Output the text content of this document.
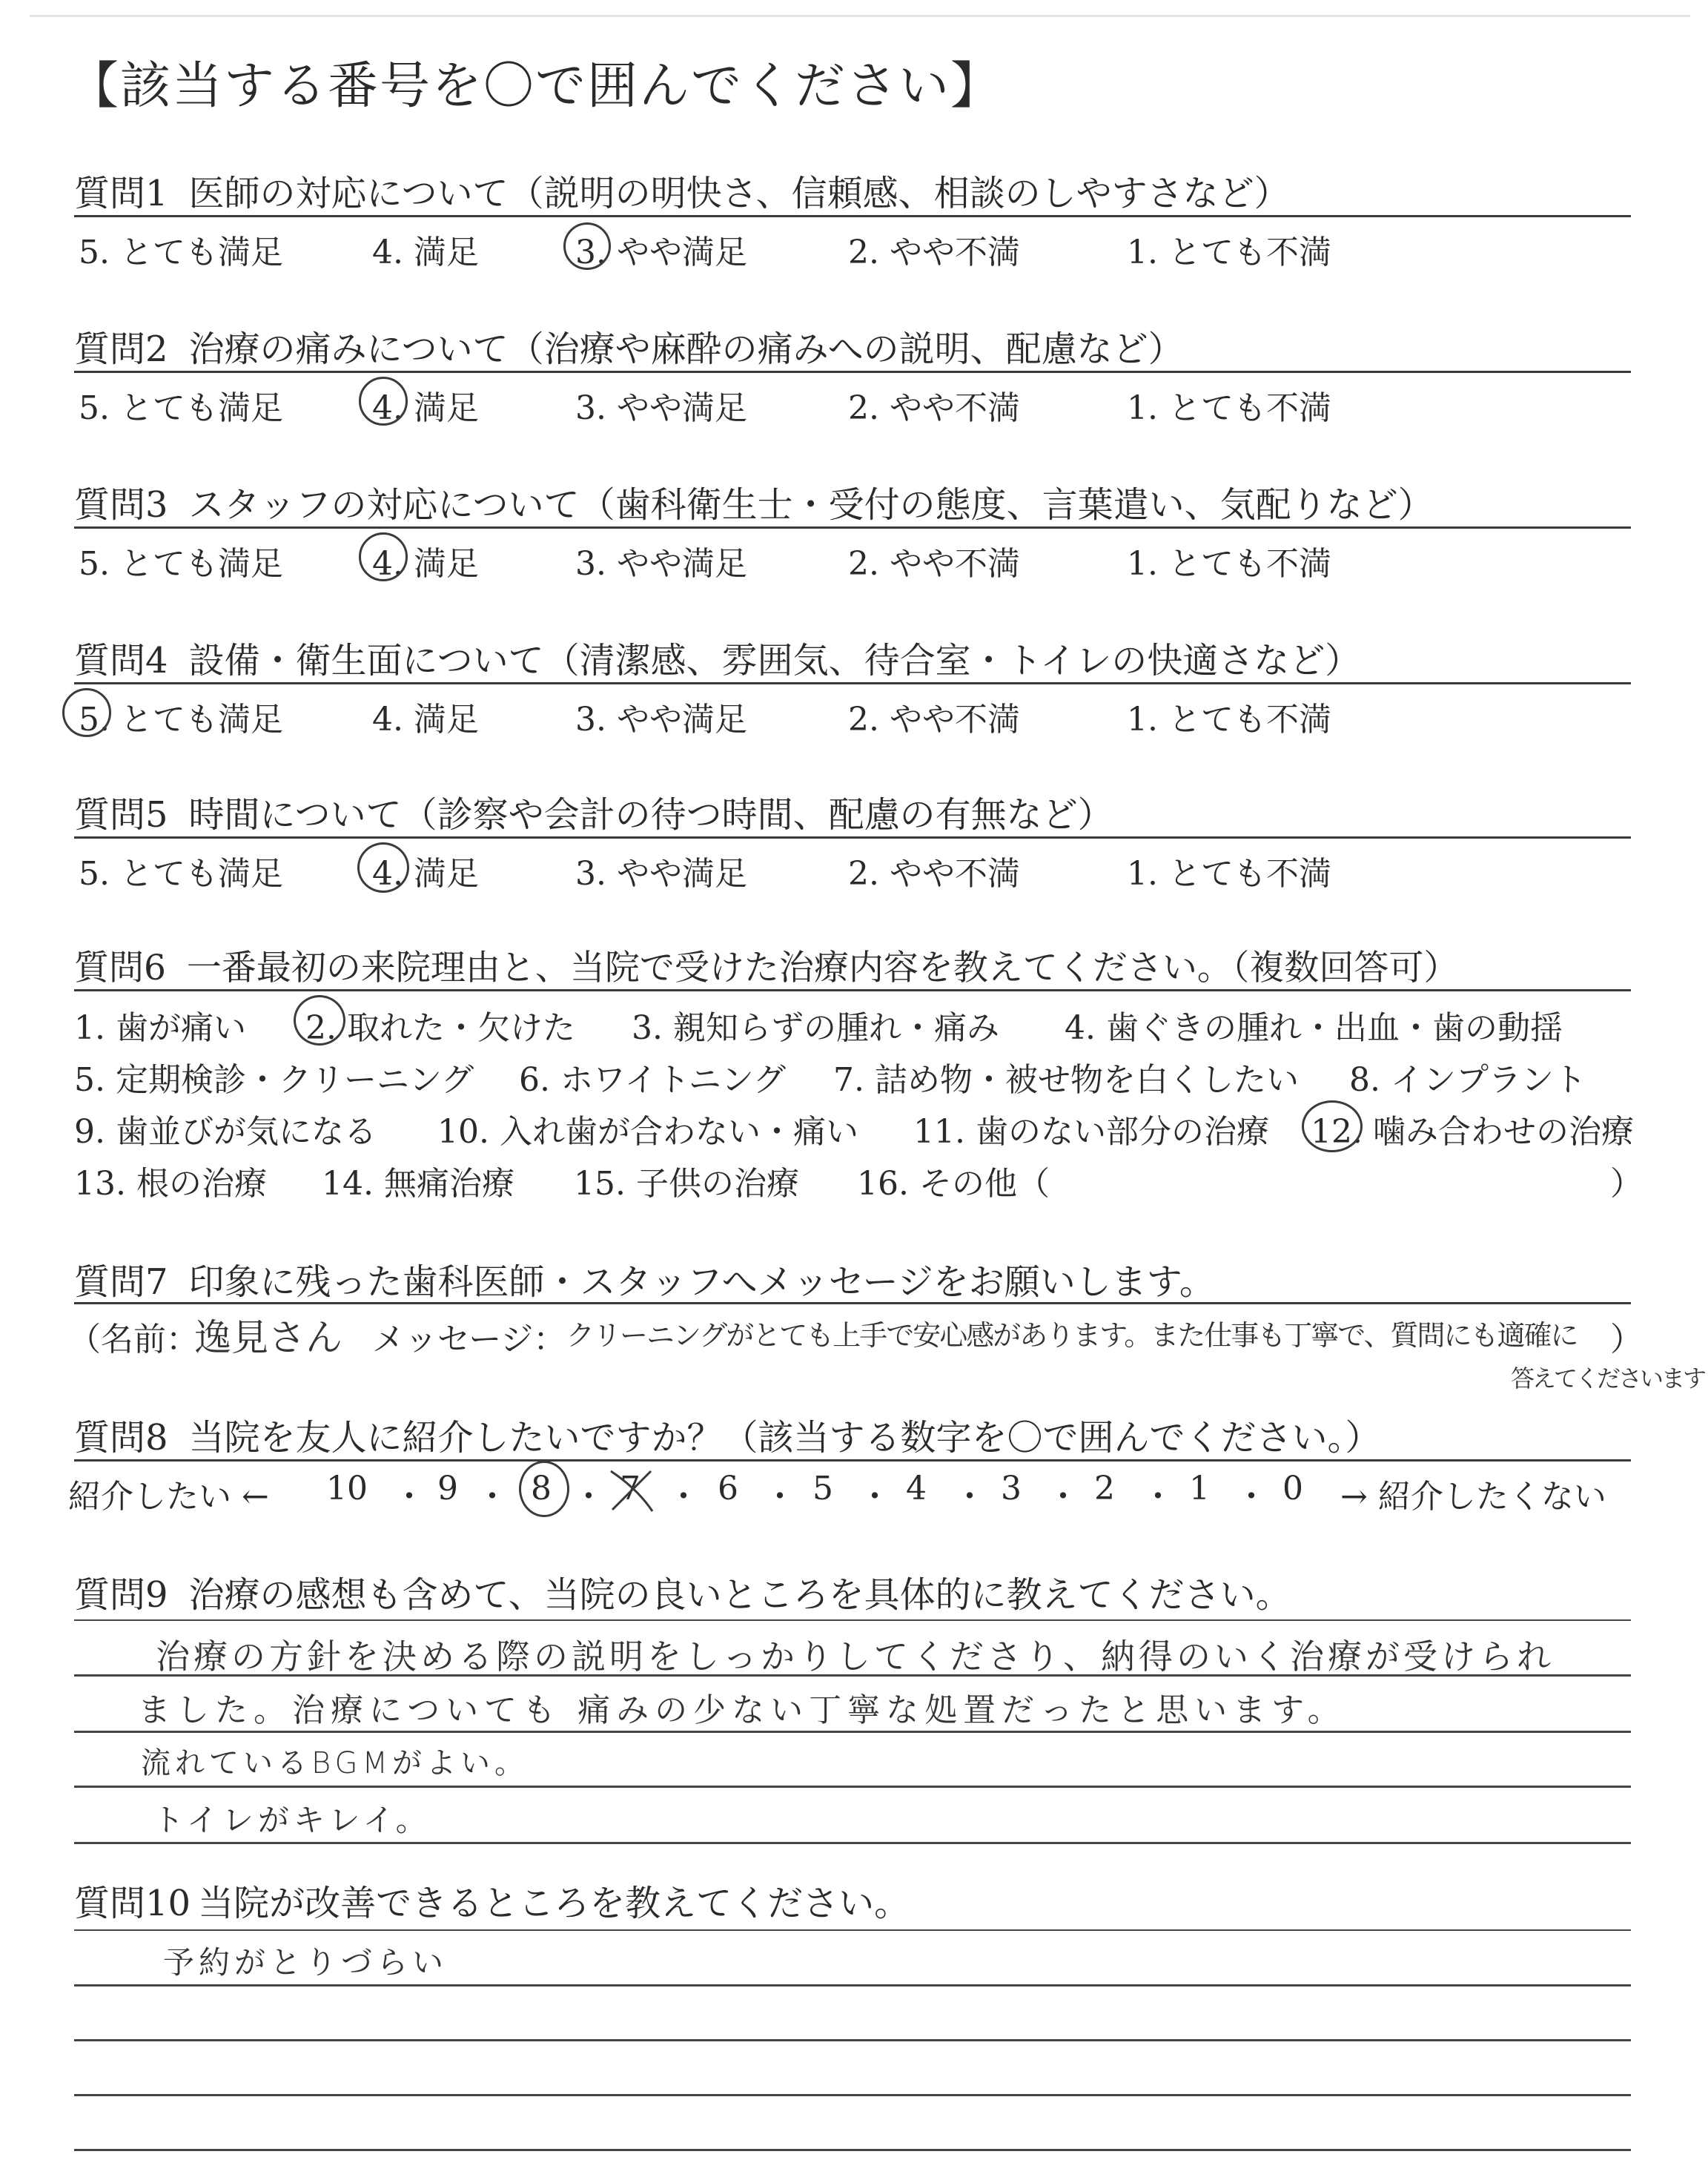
【該当する番号を〇で囲んでください】
質問1 医師の対応について（説明の明快さ、信頼感、相談のしやすさなど）
5. とても満足	4. 満足	3. やや満足	2. やや不満	1. とても不満
質問2 治療の痛みについて（治療や麻酔の痛みへの説明、配慮など）
5. とても満足	4. 満足	3. やや満足	2. やや不満	1. とても不満
質問3 スタッフの対応について（歯科衛生士・受付の態度、言葉遣い、気配りなど）
5. とても満足	4. 満足	3. やや満足	2. やや不満	1. とても不満
質問4 設備・衛生面について（清潔感、雰囲気、待合室・トイレの快適さなど）
5. とても満足	4. 満足	3. やや満足	2. やや不満	1. とても不満
質問5 時間について（診察や会計の待つ時間、配慮の有無など）
5. とても満足	4. 満足	3. やや満足	2. やや不満	1. とても不満
質問6 一番最初の来院理由と、当院で受けた治療内容を教えてください。（複数回答可）
1. 歯が痛い 2. 取れた・欠けた 3. 親知らずの腫れ・痛み 4. 歯ぐきの腫れ・出血・歯の動揺
5. 定期検診・クリーニング 6. ホワイトニング 7. 詰め物・被せ物を白くしたい 8. インプラント
9. 歯並びが気になる 10. 入れ歯が合わない・痛い 11. 歯のない部分の治療 12. 噛み合わせの治療
13. 根の治療 14. 無痛治療 15. 子供の治療 16. その他（	）
質問7 印象に残った歯科医師・スタッフへメッセージをお願いします。
（名前：
逸見さん メッセージ： クリーニングがとても上手で安心感があります。また仕事も丁寧で、質問にも適確に ）
答えてくださいます
質問8 当院を友人に紹介したいですか？（該当する数字を〇で囲んでください。）
紹介したい ← 10 ・ 9 ・ 8 ・ 7 ・ 6 ・ 5 ・ 4 ・ 3 ・ 2 ・ 1 ・ 0 → 紹介したくない
質問9 治療の感想も含めて、当院の良いところを具体的に教えてください。
治療の方針を決める際の説明をしっかりしてくださり、納得のいく治療が受けられ
ました。治療についても 痛みの少ない丁寧な処置だったと思います。
流れているBGMがよい。
トイレがキレイ。
質問10 当院が改善できるところを教えてください。
予約がとりづらい
